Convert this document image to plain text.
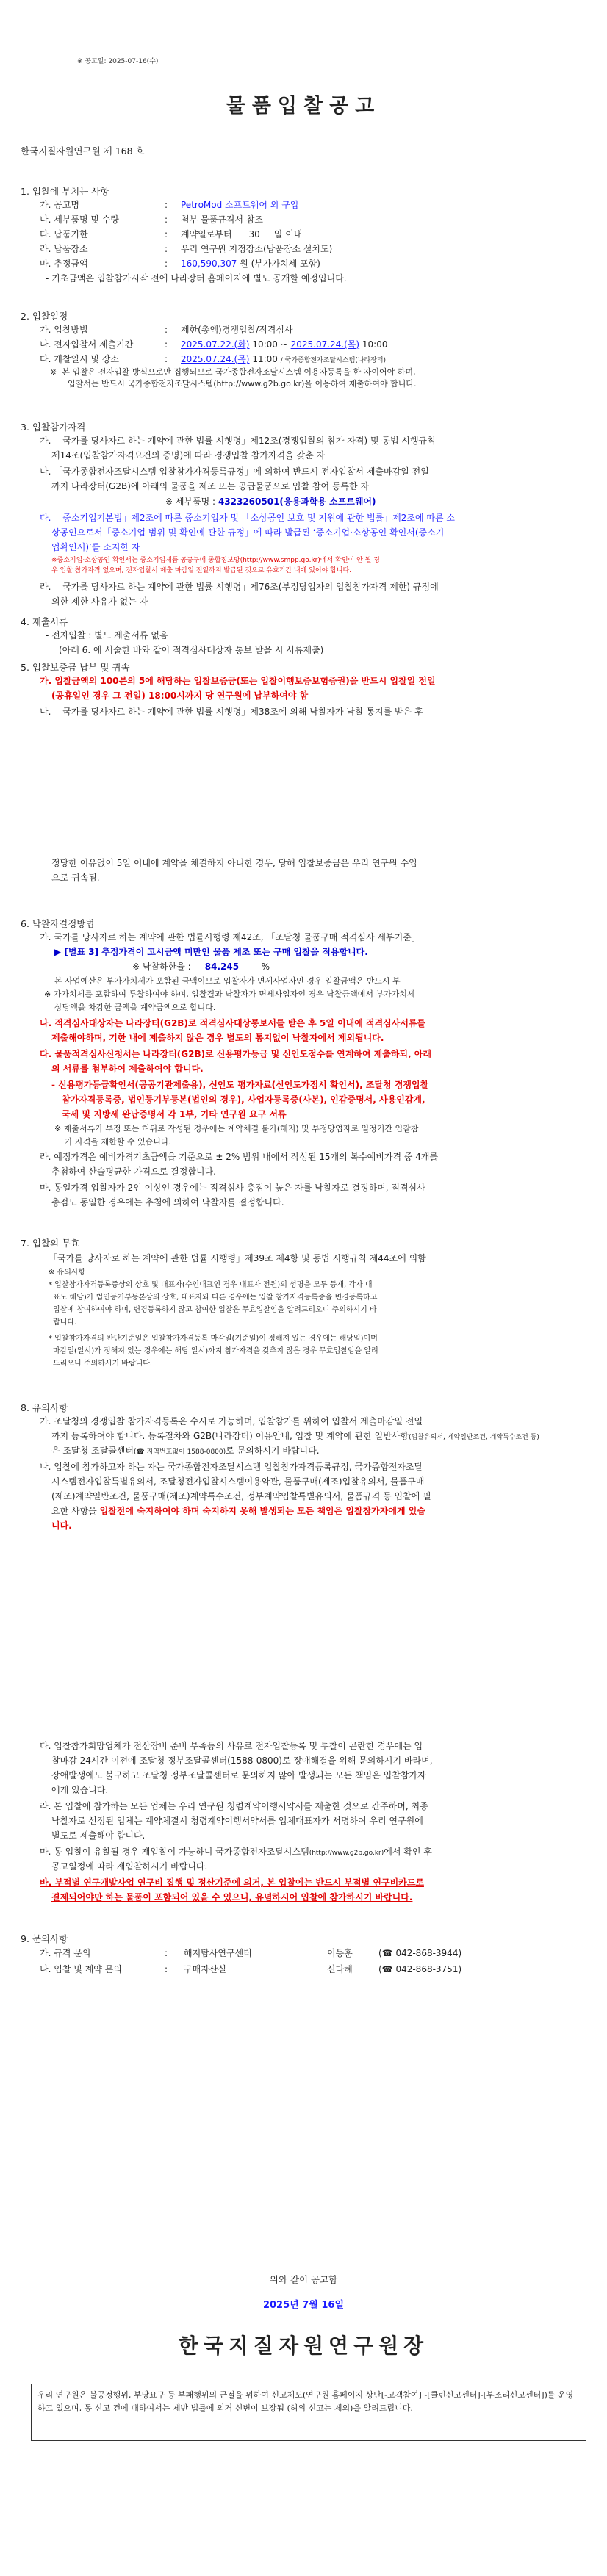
※ 공고일: 2025-07-16(수)
물품입찰공고
한국지질자원연구원 제 168 호
1. 입찰에 부치는 사항
가. 공고명	: PetroMod 소프트웨어 외 구입
나. 세부품명 및 수량	: 첨부 물품규격서 참조
다. 납품기한	: 계약일로부터      30     일 이내
라. 납품장소	: 우리 연구원 지정장소(납품장소 설치도)
마. 추정금액	: 160,590,307 원 (부가가치세 포함)
- 기초금액은 입찰참가시작 전에 나라장터 홈페이지에 별도 공개할 예정입니다.
2. 입찰일정
가. 입찰방법	: 제한(총액)경쟁입찰/적격심사
나. 전자입찰서 제출기간	: 2025.07.22.(화) 10:00 ~ 2025.07.24.(목) 10:00
다. 개찰일시 및 장소	: 2025.07.24.(목) 11:00 / 국가종합전자조달시스템(나라장터)
※  본 입찰은 전자입찰 방식으로만 집행되므로 국가종합전자조달시스템 이용자등록을 한 자이어야 하며,
입찰서는 반드시 국가종합전자조달시스템(http://www.g2b.go.kr)을 이용하여 제출하여야 합니다.
3. 입찰참가자격
가. 「국가를 당사자로 하는 계약에 관한 법률 시행령」제12조(경쟁입찰의 참가 자격) 및 동법 시행규칙
제14조(입찰참가자격요건의 증명)에 따라 경쟁입찰 참가자격을 갖춘 자
나. 「국가종합전자조달시스템 입찰참가자격등록규정」에 의하여 반드시 전자입찰서 제출마감일 전일
까지 나라장터(G2B)에 아래의 물품을 제조 또는 공급물품으로 입찰 참여 등록한 자
※ 세부품명 : 4323260501(응용과학용 소프트웨어)
다. 「중소기업기본법」제2조에 따른 중소기업자 및 「소상공인 보호 및 지원에 관한 법률」제2조에 따른 소
상공인으로서「중소기업 범위 및 확인에 관한 규정」에 따라 발급된 ‘중소기업·소상공인 확인서(중소기
업확인서)’를 소지한 자
※중소기업·소상공인 확인서는 중소기업제품 공공구매 종합정보망(http://www.smpp.go.kr)에서 확인이 안 될 경
우 입찰 참가자격 없으며, 전자입찰서 제출 마감일 전일까지 발급된 것으로 유효기간 내에 있어야 합니다.
라. 「국가를 당사자로 하는 계약에 관한 법률 시행령」제76조(부정당업자의 입찰참가자격 제한) 규정에
의한 제한 사유가 없는 자
4. 제출서류
- 전자입찰 : 별도 제출서류 없음
(아래 6. 에 서술한 바와 같이 적격심사대상자 통보 받을 시 서류제출)
5. 입찰보증금 납부 및 귀속
가. 입찰금액의 100분의 5에 해당하는 입찰보증금(또는 입찰이행보증보험증권)을 반드시 입찰일 전일
(공휴일인 경우 그 전일) 18:00시까지 당 연구원에 납부하여야 함
나. 「국가를 당사자로 하는 계약에 관한 법률 시행령」제38조에 의해 낙찰자가 낙찰 통지를 받은 후
정당한 이유없이 5일 이내에 계약을 체결하지 아니한 경우, 당해 입찰보증금은 우리 연구원 수입
으로 귀속됨.
6. 낙찰자결정방법
가. 국가를 당사자로 하는 계약에 관한 법률시행령 제42조, 「조달청 물품구매 적격심사 세부기준」
▶ [별표 3] 추정가격이 고시금액 미만인 물품 제조 또는 구매 입찰을 적용합니다.
※ 낙찰하한율 : 84.245	%
본 사업예산은 부가가치세가 포함된 금액이므로 입찰자가 면세사업자인 경우 입찰금액은 반드시 부
※ 가가치세를 포함하여 투찰하여야 하며, 입찰결과 낙찰자가 면세사업자인 경우 낙찰금액에서 부가가치세
상당액을 차감한 금액을 계약금액으로 합니다.
나. 적격심사대상자는 나라장터(G2B)로 적격심사대상통보서를 받은 후 5일 이내에 적격심사서류를
제출해야하며, 기한 내에 제출하지 않은 경우 별도의 통지없이 낙찰자에서 제외됩니다.
다. 물품적격심사신청서는 나라장터(G2B)로 신용평가등급 및 신인도점수를 연계하여 제출하되, 아래
의 서류를 첨부하여 제출하여야 합니다.
- 신용평가등급확인서(공공기관제출용), 신인도 평가자료(신인도가점시 확인서), 조달청 경쟁입찰
참가자격등록증, 법인등기부등본(법인의 경우), 사업자등록증(사본), 인감증명서, 사용인감계,
국세 및 지방세 완납증명서 각 1부, 기타 연구원 요구 서류
※ 제출서류가 부정 또는 허위로 작성된 경우에는 계약체결 불가(해지) 및 부정당업자로 일정기간 입찰참
가 자격을 제한할 수 있습니다.
라. 예정가격은 예비가격기초금액을 기준으로 ± 2% 범위 내에서 작성된 15개의 복수예비가격 중 4개를
추첨하여 산술평균한 가격으로 결정합니다.
마. 동일가격 입찰자가 2인 이상인 경우에는 적격심사 총점이 높은 자를 낙찰자로 결정하며, 적격심사
총점도 동일한 경우에는 추첨에 의하여 낙찰자를 결정합니다.
7. 입찰의 무효
「국가를 당사자로 하는 계약에 관한 법률 시행령」제39조 제4항 및 동법 시행규칙 제44조에 의함
※ 유의사항
* 입찰참가자격등록증상의 상호 및 대표자(수인대표인 경우 대표자 전원)의 성명을 모두 등재, 각자 대
표도 해당)가 법인등기부등본상의 상호, 대표자와 다른 경우에는 입찰 참가자격등록증을 변경등록하고
입찰에 참여하여야 하며, 변경등록하지 않고 참여한 입찰은 무효입찰임을 알려드리오니 주의하시기 바
랍니다.
* 입찰참가자격의 판단기준일은 입찰참가자격등록 마감일(기준일)이 정해져 있는 경우에는 해당일)이며
마감일(일시)가 정해져 있는 경우에는 해당 일시)까지 참가자격을 갖추지 않은 경우 무효입찰임을 알려
드리오니 주의하시기 바랍니다.
8. 유의사항
가. 조달청의 경쟁입찰 참가자격등록은 수시로 가능하며, 입찰참가를 위하여 입찰서 제출마감일 전일
까지 등록하여야 합니다. 등록절차와 G2B(나라장터) 이용안내, 입찰 및 계약에 관한 일반사항(입찰유의서, 계약일반조건, 계약특수조건 등)
은 조달청 조달콜센터(☎ 지역번호없이 1588-0800)로 문의하시기 바랍니다.
나. 입찰에 참가하고자 하는 자는 국가종합전자조달시스템 입찰참가자격등록규정, 국가종합전자조달
시스템전자입찰특별유의서, 조달청전자입찰시스템이용약관, 물품구매(제조)입찰유의서, 물품구매
(제조)계약일반조건, 물품구매(제조)계약특수조건, 정부계약입찰특별유의서, 물품규격 등 입찰에 필
요한 사항을 입찰전에 숙지하여야 하며 숙지하지 못해 발생되는 모든 책임은 입찰참가자에게 있습
니다.
다. 입찰참가희망업체가 전산장비 준비 부족등의 사유로 전자입찰등록 및 투찰이 곤란한 경우에는 입
찰마감 24시간 이전에 조달청 정부조달콜센터(1588-0800)로 장애해결을 위해 문의하시기 바라며,
장애발생에도 불구하고 조달청 정부조달콜센터로 문의하지 않아 발생되는 모든 책임은 입찰참가자
에게 있습니다.
라. 본 입찰에 참가하는 모든 업체는 우리 연구원 청렴계약이행서약서를 제출한 것으로 간주하며, 최종
낙찰자로 선정된 업체는 계약체결시 청렴계약이행서약서를 업체대표자가 서명하여 우리 연구원에
별도로 제출해야 합니다.
마. 동 입찰이 유찰될 경우 재입찰이 가능하니 국가종합전자조달시스템(http://www.g2b.go.kr)에서 확인 후
공고일정에 따라 재입찰하시기 바랍니다.
바. 부적별 연구개발사업 연구비 집행 및 정산기준에 의거, 본 입찰에는 반드시 부적별 연구비카드로
결제되어야만 하는 물품이 포함되어 있을 수 있으니, 유념하시어 입찰에 참가하시기 바랍니다.
9. 문의사항
가. 규격 문의	: 해저탐사연구센터	이동훈	(☎ 042-868-3944)
나. 입찰 및 계약 문의	: 구매자산실	신다혜	(☎ 042-868-3751)
위와 같이 공고함
2025년 7월 16일
한국지질자원연구원장
우리 연구원은 불공정행위, 부당요구 등 부패행위의 근절을 위하여 신고제도(연구원 홈페이지 상단[-고객참여] -[클린신고센터]-[부조리신고센터])를 운영하고 있으며, 동 신고 건에 대하여서는 제반 법률에 의거 신변이 보장됨 (허위 신고는 제외)을 알려드립니다.
